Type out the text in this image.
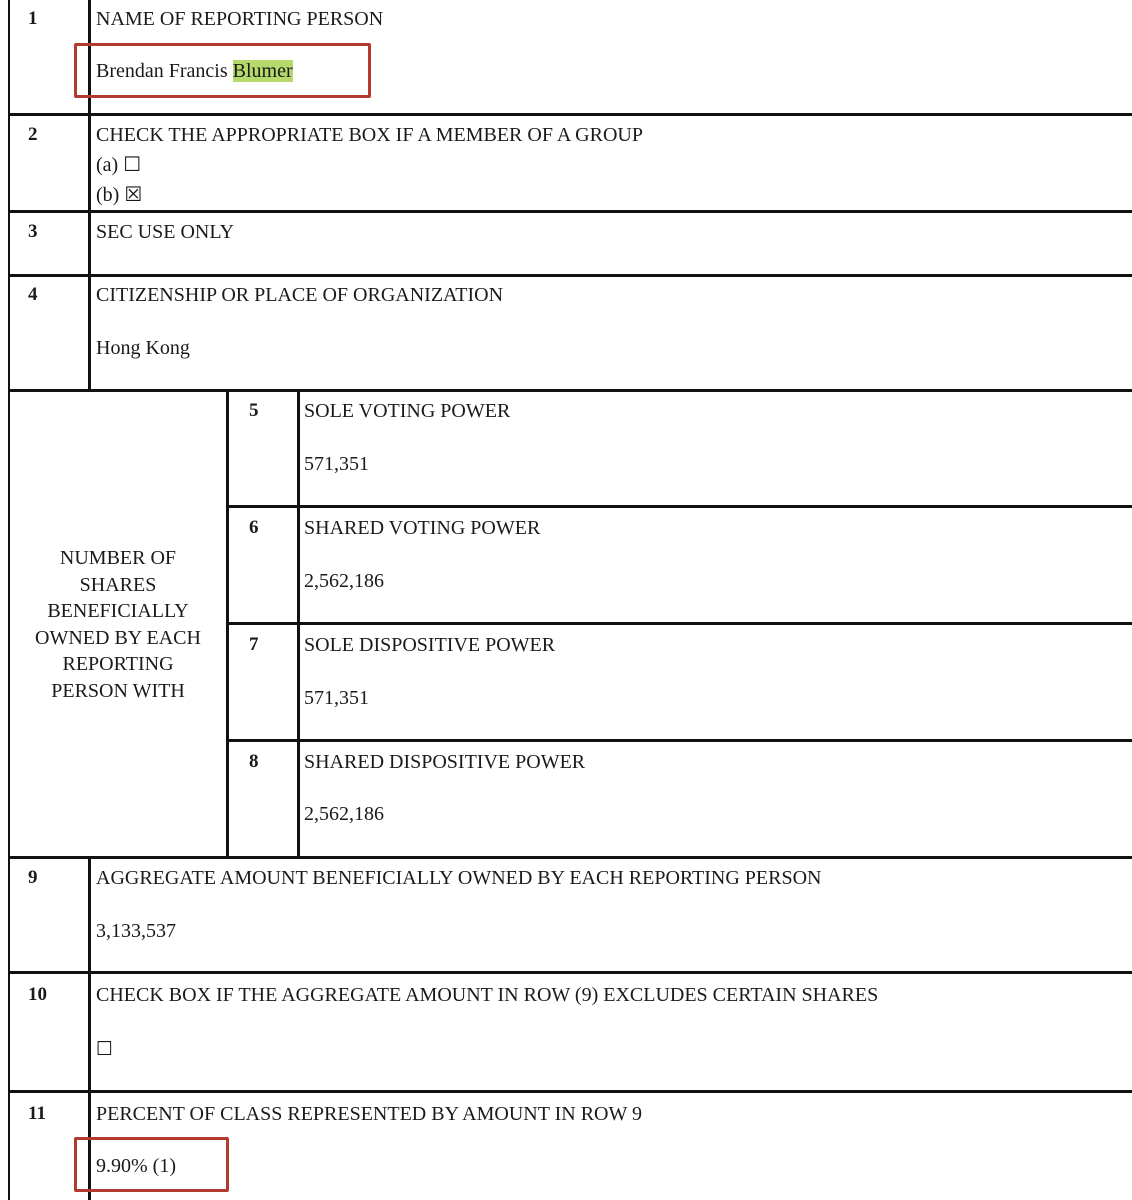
1	NAME OF REPORTING PERSON
Brendan Francis Blumer
2	CHECK THE APPROPRIATE BOX IF A MEMBER OF A GROUP
(a) ☐
(b) ☒
3	SEC USE ONLY
4	CITIZENSHIP OR PLACE OF ORGANIZATION
Hong Kong
NUMBER OF
SHARES
BENEFICIALLY
OWNED BY EACH
REPORTING
PERSON WITH
5 SOLE VOTING POWER
571,351
6 SHARED VOTING POWER
2,562,186
7 SOLE DISPOSITIVE POWER
571,351
8 SHARED DISPOSITIVE POWER
2,562,186
9	AGGREGATE AMOUNT BENEFICIALLY OWNED BY EACH REPORTING PERSON
3,133,537
10 CHECK BOX IF THE AGGREGATE AMOUNT IN ROW (9) EXCLUDES CERTAIN SHARES
☐
11	PERCENT OF CLASS REPRESENTED BY AMOUNT IN ROW 9
9.90% (1)
